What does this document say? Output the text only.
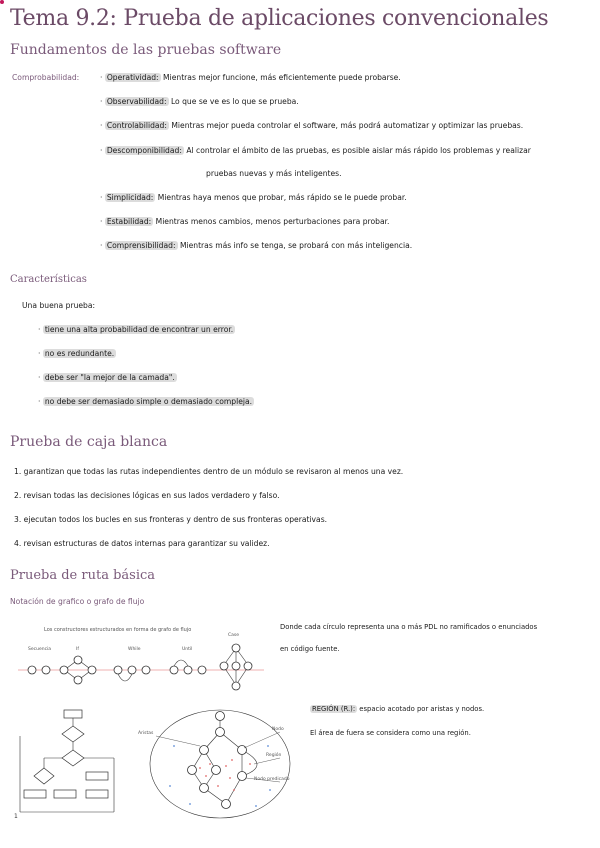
Tema 9.2: Prueba de aplicaciones convencionales
Fundamentos de las pruebas software
Comprobabilidad:	· Operatividad: Mientras mejor funcione, más eficientemente puede probarse.
· Observabilidad: Lo que se ve es lo que se prueba.
· Controlabilidad: Mientras mejor pueda controlar el software, más podrá automatizar y optimizar las pruebas.
· Descomponibilidad: Al controlar el ámbito de las pruebas, es posible aislar más rápido los problemas y realizar
pruebas nuevas y más inteligentes.
· Simplicidad: Mientras haya menos que probar, más rápido se le puede probar.
· Estabilidad: Mientras menos cambios, menos perturbaciones para probar.
· Comprensibilidad: Mientras más info se tenga, se probará con más inteligencia.
Características
Una buena prueba:
· tiene una alta probabilidad de encontrar un error.
· no es redundante.
· debe ser "la mejor de la camada".
· no debe ser demasiado simple o demasiado compleja.
Prueba de caja blanca
1. garantizan que todas las rutas independientes dentro de un módulo se revisaron al menos una vez.
2. revisan todas las decisiones lógicas en sus lados verdadero y falso.
3. ejecutan todos los bucles en sus fronteras y dentro de sus fronteras operativas.
4. revisan estructuras de datos internas para garantizar su validez.
Prueba de ruta básica
Notación de grafico o grafo de flujo
Los constructores estructurados en forma de grafo de flujo
Secuencia	If	While	Until
Case
Donde cada círculo representa una o más PDL no ramificados o enunciados
en código fuente.
REGIÓN (R.): espacio acotado por aristas y nodos.
El área de fuera se considera como una región.
1
Aristas
Nodo
Región
Nodo predicado
